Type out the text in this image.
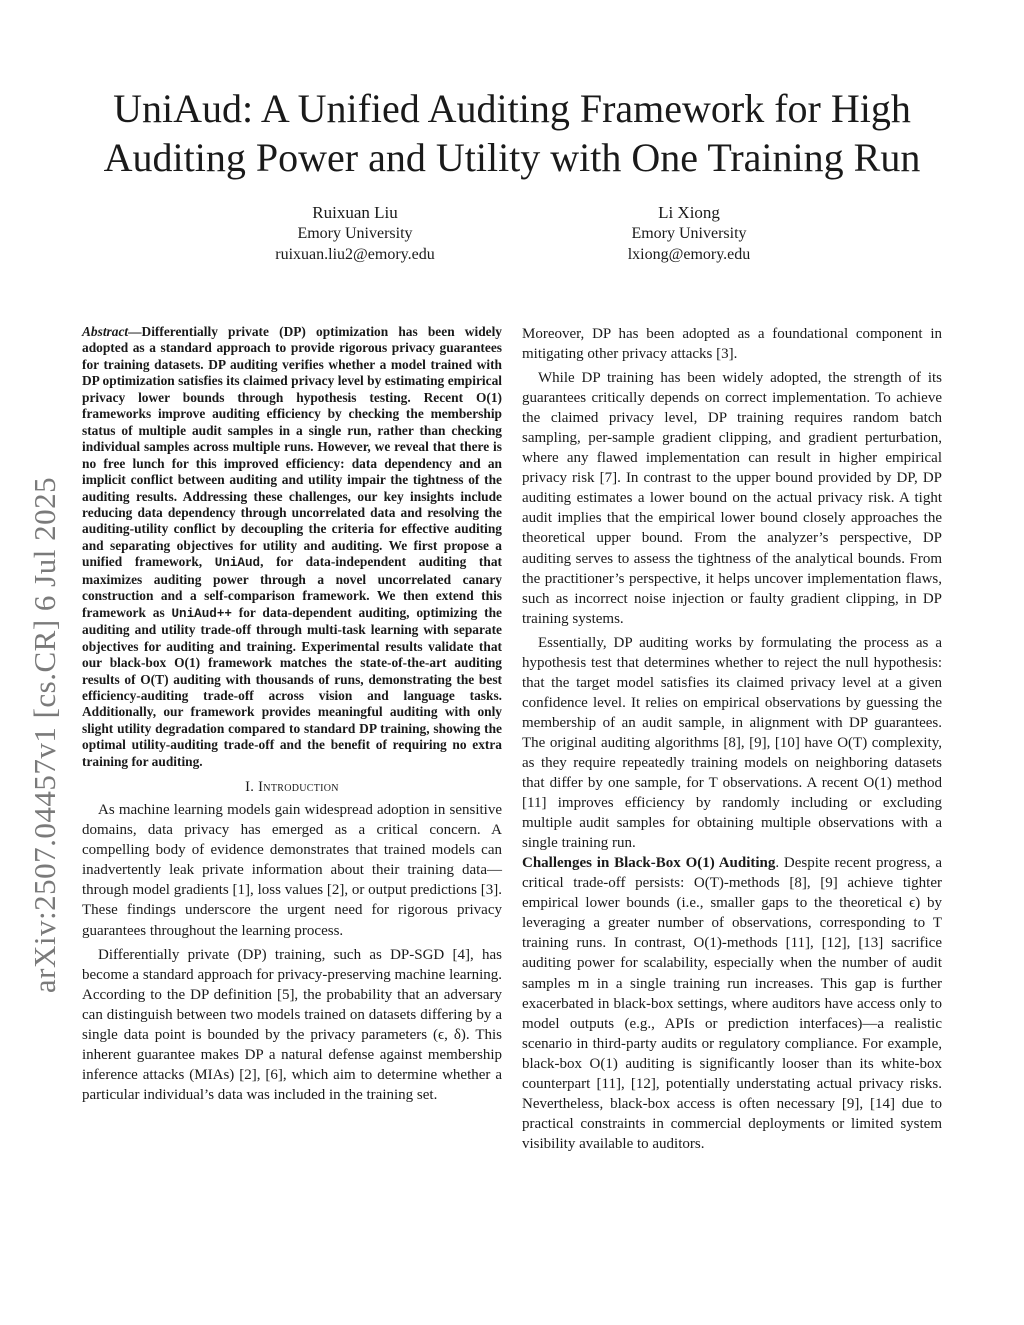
arXiv:2507.04457v1 [cs.CR] 6 Jul 2025
UniAud: A Unified Auditing Framework for High Auditing Power and Utility with One Training Run
Ruixuan Liu
Emory University
ruixuan.liu2@emory.edu
Li Xiong
Emory University
lxiong@emory.edu

Abstract—Differentially private (DP) optimization has been widely adopted as a standard approach to provide rigorous privacy guarantees for training datasets. DP auditing verifies whether a model trained with DP optimization satisfies its claimed privacy level by estimating empirical privacy lower bounds through hypothesis testing. Recent O(1) frameworks improve auditing efficiency by checking the membership status of multiple audit samples in a single run, rather than checking individual samples across multiple runs. However, we reveal that there is no free lunch for this improved efficiency: data dependency and an implicit conflict between auditing and utility impair the tightness of the auditing results. Addressing these challenges, our key insights include reducing data dependency through uncorrelated data and resolving the auditing-utility conflict by decoupling the criteria for effective auditing and separating objectives for utility and auditing. We first propose a unified framework, UniAud, for data-independent auditing that maximizes auditing power through a novel uncorrelated canary construction and a self-comparison framework. We then extend this framework as UniAud++ for data-dependent auditing, optimizing the auditing and utility trade-off through multi-task learning with separate objectives for auditing and training. Experimental results validate that our black-box O(1) framework matches the state-of-the-art auditing results of O(T) auditing with thousands of runs, demonstrating the best efficiency-auditing trade-off across vision and language tasks. Additionally, our framework provides meaningful auditing with only slight utility degradation compared to standard DP training, showing the optimal utility-auditing trade-off and the benefit of requiring no extra training for auditing.

I. Introduction

As machine learning models gain widespread adoption in sensitive domains, data privacy has emerged as a critical concern. A compelling body of evidence demonstrates that trained models can inadvertently leak private information about their training data—through model gradients [1], loss values [2], or output predictions [3]. These findings underscore the urgent need for rigorous privacy guarantees throughout the learning process.

Differentially private (DP) training, such as DP-SGD [4], has become a standard approach for privacy-preserving machine learning. According to the DP definition [5], the probability that an adversary can distinguish between two models trained on datasets differing by a single data point is bounded by the privacy parameters (ϵ, δ). This inherent guarantee makes DP a natural defense against membership inference attacks (MIAs) [2], [6], which aim to determine whether a particular individual’s data was included in the training set.

Moreover, DP has been adopted as a foundational component in mitigating other privacy attacks [3].

While DP training has been widely adopted, the strength of its guarantees critically depends on correct implementation. To achieve the claimed privacy level, DP training requires random batch sampling, per-sample gradient clipping, and gradient perturbation, where any flawed implementation can result in higher empirical privacy risk [7]. In contrast to the upper bound provided by DP, DP auditing estimates a lower bound on the actual privacy risk. A tight audit implies that the empirical lower bound closely approaches the theoretical upper bound. From the analyzer’s perspective, DP auditing serves to assess the tightness of the analytical bounds. From the practitioner’s perspective, it helps uncover implementation flaws, such as incorrect noise injection or faulty gradient clipping, in DP training systems.

Essentially, DP auditing works by formulating the process as a hypothesis test that determines whether to reject the null hypothesis: that the target model satisfies its claimed privacy level at a given confidence level. It relies on empirical observations by guessing the membership of an audit sample, in alignment with DP guarantees. The original auditing algorithms [8], [9], [10] have O(T) complexity, as they require repeatedly training models on neighboring datasets that differ by one sample, for T observations. A recent O(1) method [11] improves efficiency by randomly including or excluding multiple audit samples for obtaining multiple observations with a single training run.

Challenges in Black-Box O(1) Auditing. Despite recent progress, a critical trade-off persists: O(T)-methods [8], [9] achieve tighter empirical lower bounds (i.e., smaller gaps to the theoretical ϵ) by leveraging a greater number of observations, corresponding to T training runs. In contrast, O(1)-methods [11], [12], [13] sacrifice auditing power for scalability, especially when the number of audit samples m in a single training run increases. This gap is further exacerbated in black-box settings, where auditors have access only to model outputs (e.g., APIs or prediction interfaces)—a realistic scenario in third-party audits or regulatory compliance. For example, black-box O(1) auditing is significantly looser than its white-box counterpart [11], [12], potentially understating actual privacy risks. Nevertheless, black-box access is often necessary [9], [14] due to practical constraints in commercial deployments or limited system visibility available to auditors.
